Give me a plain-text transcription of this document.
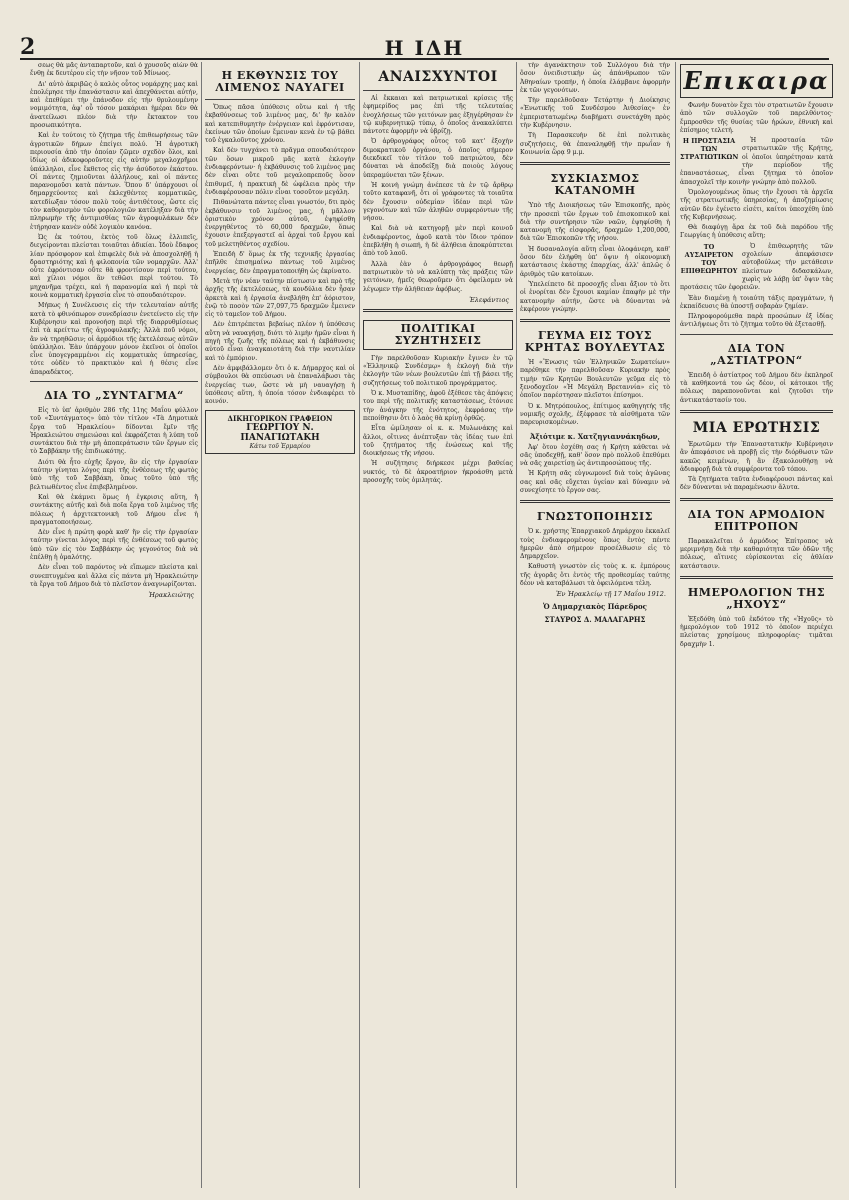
2	Η ΙΔΗ

σεως θὰ μᾶς ἀνταπαρτοῦν, καὶ ὁ χρυσοῦς αἰὼν θὰ ἔνθῃ ἐκ δευτέρου εἰς τὴν νῆσον τοῦ Μίνωος.

Δι' αὐτὸ ἀκριβῶς ὁ καλὸς οὗτος νομάρχης μας καὶ ἐπολέμησε τὴν ἐπανάστασιν καὶ ἀπεχθάνεται αὐτήν, καὶ ἐπεθύμει τὴν ἐπάνοδον εἰς τὴν θρυλουμένην νομιμότητα, ἀφ' οὗ τόσον μακάριαι ἡμέραι δὲν θὰ ἀνατείλωσι πλέον διὰ τὴν ἔκτακτον του προσωπικότητα.

Καὶ ἐν τούτοις τὸ ζήτημα τῆς ἐπιθεωρήσεως τῶν ἀγροτικῶν δήμων ἐπείγει πολύ. Ἡ ἀγροτικὴ περιουσία ἀπὸ τὴν ὁποίαν ζῶμεν σχεδὸν ὅλοι, καὶ ἰδίως οἱ ἀδικοφοροῦντες εἰς αὐτὴν μεγαλοχρῆμοι ὑπάλληλοι, εἶνε ἔκθετος εἰς τὴν ἀσύδοτον ἐκάστου. Οἱ πάντες ζημιοῦνται ἀλλήλους, καὶ οἱ πάντες παρανομοῦσι κατὰ πάντων. Ὅπου δ' ὑπάρχουσι οἱ δημαρχεύοντες καὶ ἐκλεχθέντες κομματικῶς, κατεδίωξαν τόσον πολὺ τοὺς ἀντιθέτους, ὥστε εἰς τὸν καθορισμὸν τῶν φορολογιῶν κατέληξαν διὰ τὴν πληρωμὴν τῆς ἀντιμισθίας τῶν ἀγροφυλάκων δὲν ἐτήρησαν κανὲν οὐδὲ λογικὸν κανόνα.

Ὡς ἐκ τούτου, ἐκτὸς τοῦ ὅλως ἐλλιπεῖς, διεγείρονται πλείσται τοιαῦται ἀδικίαι. Ἰδοὺ ἔδαφος λίαν πρόσφορον καὶ ἐπιφελὲς διὰ νὰ ἀποσχοληθῇ ἡ δραστηριότης καὶ ἡ φιλοπονία τῶν νομαρχῶν. Ἀλλ' οὗτε ἐφρόντισαν οὔτε θὰ φροντίσουν περὶ τούτου, καὶ χίλιοι νόμοι ἂν τεθῶσι περὶ τούτου. Τὸ μηχανῆμα τρέχει, καὶ ἡ παρανομία καὶ ἡ περὶ τὰ κοινὰ κομματικὴ ἐργασία εἶνε τὸ σπουδαιότερον.

Μήπως ἡ Συνέλευσις εἰς τὴν τελευταίαν αὐτῆς κατὰ τὸ φθινόπωρον συνεδρίασιν ἐνετείνετο εἰς τὴν Κυβέρνησιν καὶ προνοήσῃ περὶ τῆς διαρρυθμίσεως ἐπὶ τὰ κρείττω τῆς ἀγροφυλακῆς; Ἀλλὰ ποῦ νόμοι, ἂν νὰ τηρηθῶσιν; οἱ ἀρμόδιοι τῆς ἐκτελέσεως αὐτῶν ὑπάλληλοι. Ἐὰν ὑπάρχουν μόνον ἐκεῖνοι οἱ ὁποῖοι εἶνε ὑπογεγραμμένοι εἰς κομματικὰς ὑπηρεσίας, τότε οὐδὲν τὸ πρακτικὸν καὶ ἡ θέσις εἶνε ἀπαραδέκτος.

ΔΙΑ ΤΟ „ΣΥΝΤΑΓΜΑ“

Εἰς τὸ ὑπ' ἀριθμὸν 286 τῆς 11ης Μαΐου φύλλον τοῦ «Συντάγματος» ὑπὸ τὸν τίτλον «Τὰ Δημοτικὰ ἔργα τοῦ Ἡρακλείου» δίδονται ἔμῖν τῆς Ἡρακλειώτου σημειώσαι καὶ ἐκφράζεται ἡ λύπη τοῦ συντάκτου διὰ τὴν μὴ ἀποπεράτωσιν τῶν ἔργων εἰς τὸ Σαββάκην τῆς ἐπιδιωκότης.

Διότι θὰ ἦτο εὐχῆς ἔργον, ἂν εἰς τὴν ἐργασίαν ταύτην γίνηται λόγος περὶ τῆς ἐνθέσεως τῆς φωτὸς ὑπὸ τῆς τοῦ Σαββάκη, ὅπως τοῦτο ὑπὸ τῆς βελτιωθέντος εἶνε ἐπιβεβλημένον.

Καὶ θὰ ἐκάμνει ὅμως ἡ ἐγκρισις αὕτη, ἢ συντάκτης αὐτῆς καὶ διὰ ποῖα ἔργα τοῦ λιμένος τῆς πόλεως ἡ ἀρχιτεκτονικὴ τοῦ Δήμου εἶνε ἡ πραγματοποιήσεως.

Δὲν εἶνε ἡ πρώτη φορὰ καθ' ἣν εἰς τὴν ἐργασίαν ταύτην γίνεται λόγος περὶ τῆς ἐνθέσεως τοῦ φωτὸς ὑπὸ τῶν εἰς τὸν Σαββάκην ὡς γεγονότος διὰ νὰ ἐπέλθῃ ἡ ὁμαλότης.

Δὲν εἶναι τοῦ παρόντος νὰ εἴπωμεν πλείστα καὶ συνεπτυγμένα καὶ ἄλλα εἰς πάντα μὴ Ἡρακλειώτην τὰ ἔργα τοῦ Δήμου διὰ τὸ πλεῖστον ἀναγνωρίζονται.

Ἡρακλειώτης
Η ΕΚΘΥΝΣΙΣ ΤΟΥ ΛΙΜΕΝΟΣ ΝΑΥΑΓΕΙ

Ὅπως πᾶσα ὑπόθεσις οὕτω καὶ ἡ τῆς ἐκβαθύνσεως τοῦ λιμένος μας, δι' ἣν καλὸν καὶ κατεπιθυμητὴν ἐνέργειαν καὶ ἐφρόντισαν, ἐκείνων τῶν ὁποίων ἔμειναν κενὰ ἐν τῷ βάθει τοῦ ἐγκαλοῦντος χρόνου.

Καὶ δὲν τυγχάνει τὸ πρᾶγμα σπουδαιότερον τῶν ὅσων μικροῦ μᾶς κατὰ ἐκλογὴν ἐνδιαφερόντων· ἡ ἐκβάθυνσις τοῦ λιμένος μας δὲν εἶναι οὔτε τοῦ μεγαλοπρεποῦς ὅσον ἐπιθυμεῖ, ἡ πρακτικὴ δὲ ὠφέλεια πρὸς τὴν ἐνδιαφέρουσαν πόλιν εἶναι τοσοῦτον μεγάλη.

Πιθανώτατα πάντες εἶναι γνωστόν, δτι πρὸς ἐκβάθυνσιν τοῦ λιμένος μας, ἡ μᾶλλον ὁριστικὸν χρόνον αὐτοῦ, ἐψηφίσθη ἐνεργηθέντος τὸ 60,000 δραχμῶν, ὅπως ἐχουσιν ἐπεξεργαστεῖ αἱ ἀρχαὶ τοῦ ἔργου καὶ τοῦ μελετηθέντος σχεδίου.

Ἐπειδὴ δ' ὅμως ἐκ τῆς τεχνικῆς ἐργασίας ἐπῆλθε ἐπισημαίνω πάντως τοῦ λιμένος ἐνεργείας, δὲν ἐπραγματοποιήθη ὡς ἐκρίνατο.

Μετὰ τὴν νέαν ταύτην πίστωσιν καὶ πρὸ τῆς ἀρχῆς τῆς ἐκτελέσεως, τὰ κονδύλια δὲν ἦσαν ἀρκετὰ καὶ ἡ ἐργασία ἀνεβλήθη ἐπ' ἀόριστον, ἐνῷ τὸ ποσὸν τῶν 27,097,75 δραχμῶν ἔμεινεν εἰς τὸ ταμεῖον τοῦ Δήμου.

Δὲν ἐπιτρέπεται βεβαίως πλέον ἡ ὑπόθεσις αὕτη νὰ ναυαγήσῃ, διότι τὸ λιμὴν ἡμῶν εἶναι ἡ πηγὴ τῆς ζωῆς τῆς πόλεως καὶ ἡ ἐκβάθυνσις αὐτοῦ εἶναι ἀναγκαιοτάτη διὰ τὴν ναυτιλίαν καὶ τὸ ἐμπόριον.

Δὲν ἀμφιβάλλομεν ὅτι ὁ κ. Δήμαρχος καὶ οἱ σύμβουλοι θὰ σπεύσωσι νὰ ἐπαναλάβωσι τὰς ἐνεργείας των, ὥστε νὰ μὴ ναυαγήσῃ ἡ ὑπόθεσις αὕτη, ἡ ὁποία τόσον ἐνδιαφέρει τὸ κοινόν.

ΔΙΚΗΓΟΡΙΚΟΝ ΓΡΑΦΕΙΟΝ
ΓΕΩΡΓΙΟΥ Ν. ΠΑΝΑΓΙΩΤΑΚΗ
Κάτω τοῦ Ἑρμαρίου
ΑΝΑΙΣΧΥΝΤΟΙ

Αἱ ἔκκαιαι καὶ πατριωτικαὶ κρίσεις τῆς ἐφημερίδος μας ἐπὶ τῆς τελευταίας ἐνοχλήσεως τῶν γειτόνων μας ἐξηγέρθησαν ἐν τῷ κυβερνητικῷ τύπῳ, ὁ ὁποῖος ἀνακαλύπτει πάντοτε ἀφορμὴν νὰ ὑβρίζῃ.

Ὁ ἀρθρογράφος οὗτος τοῦ κατ' ἐξοχὴν διμοκρατικοῦ ὀργάνου, ὁ ὁποῖος σήμερον διεκδικεῖ τὸν τίτλον τοῦ πατριώτου, δὲν δύναται νὰ ἀποδείξῃ διὰ ποιοὺς λόγους ὑπεραμύνεται τῶν ξένων.

Ἡ κοινὴ γνώμη ἀνέπεσε τὰ ἐν τῷ ἄρθρῳ τοῦτο καταφανῆ, ὅτι οἱ γράφοντες τὰ τοιαῦτα δὲν ἔχουσιν οὐδεμίαν ἰδέαν περὶ τῶν γεγονότων καὶ τῶν ἀληθῶν συμφερόντων τῆς νήσου.

Καὶ διὰ νὰ κατηγορῇ μὲν περὶ κοινοῦ ἐνδιαφέροντος, ἀφοῦ κατὰ τὸν ἴδιον τρόπον ἐπεβλήθη ἡ σιωπή, ἡ δὲ ἀλήθεια ἀποκρύπτεται ἀπὸ τοῦ λαοῦ.

Ἀλλὰ ἐὰν ὁ ἀρθρογράφος θεωρῇ πατριωτικὸν τὸ νὰ καλύπτῃ τὰς πράξεις τῶν γειτόνων, ἡμεῖς θεωροῦμεν ὅτι ὀφείλομεν νὰ λέγωμεν τὴν ἀλήθειαν ἀφόβως.

Ἐλεφάντιος
ΠΟΛΙΤΙΚΑΙ ΣΥΖΗΤΗΣΕΙΣ

Γὴν παρελθοῦσαν Κυριακὴν ἔγινεν ἐν τῷ «Ἑλληνικῷ Συνδέσμῳ» ἡ ἐκλογὴ διὰ τὴν ἐκλογὴν τῶν νέων βουλευτῶν ἐπὶ τῇ βάσει τῆς συζητήσεως τοῦ πολιτικοῦ προγράμματος.

Ὁ κ. Μυσταπίδης, ἀφοῦ ἐξέθεσε τὰς ἀπόψεις του περὶ τῆς πολιτικῆς καταστάσεως, ἐτόνισε τὴν ἀνάγκην τῆς ἑνότητος, ἐκφράσας τὴν πεποίθησιν ὅτι ὁ λαὸς θὰ κρίνῃ ὀρθῶς.

Εἶτα ὡμίλησαν οἱ κ. κ. Μυλωνάκης καὶ ἄλλοι, οἵτινες ἀνέπτυξαν τὰς ἰδέας των ἐπὶ τοῦ ζητήματος τῆς ἐνώσεως καὶ τῆς διοικήσεως τῆς νήσου.

Ἡ συζήτησις διήρκεσε μέχρι βαθείας νυκτός, τὸ δὲ ἀκροατήριον ἠκροάσθη μετὰ προσοχῆς τοὺς ὁμιλητάς.

τὴν ἀγανάκτησιν τοῦ Συλλόγου διὰ τὴν ὅσον ὀνειδιστικὴν ὡς ἀπάνθρωπον τῶν Ἀθηναίων τροπήν, ἡ ὁποία ἐλάμβανε ἀφορμὴν ἐκ τῶν γεγονότων.

Τὴν παρελθοῦσαν Τετάρτην ἡ Διοίκησις «Ἑνωτικῆς τοῦ Συνδέσμου Ἀιθεσίας» ἐν ἐμπεριστατωμένῳ διαβήματι συνετάχθη πρὸς τὴν Κυβέρνησιν.

Τὴ Παρασκευὴν δὲ ἐπὶ πολιτικὰς συζητήσεις, θὰ ἐπαναληφθῇ τὴν πρωΐαν ἡ Κοινωνία ὥρᾳ 9 μ.μ.

ΣΥΣΚΙΑΣΜΟΣ ΚΑΤΑΝΟΜΗ

Ὑπὸ τῆς Διοικήσεως τῶν Ἐπισκοπῆς, πρὸς τὴν προσεπὶ τῶν ἔργων τοῦ ἐπισκοπικοῦ καὶ διὰ τὴν συντήρησιν τῶν ναῶν, ἐψηφίσθη ἡ κατανομὴ τῆς εἰσφορᾶς, δραχμῶν 1,200,000, διὰ τῶν Ἐπισκοπῶν τῆς νήσου.

Ἡ δυσαναλογία αὕτη εἶναι ὁλοφάνερη, καθ' ὅσον δὲν ἐλήφθη ὑπ' ὄψιν ἡ οἰκονομικὴ κατάστασις ἑκάστης ἐπαρχίας, ἀλλ' ἁπλῶς ὁ ἀριθμὸς τῶν κατοίκων.

Ὑπελείπετο δὲ προσοχῆς εἶναι ἄξιον τὸ ὅτι οἱ ἐνορίται δὲν ἔχουσι καμίαν ἐπαφὴν μὲ τὴν κατανομὴν αὐτήν, ὥστε νὰ δύνανται νὰ ἐκφέρουν γνώμην.

ΓΕΥΜΑ ΕΙΣ ΤΟΥΣ ΚΡΗΤΑΣ ΒΟΥΛΕΥΤΑΣ

Ἡ «Ἕνωσις τῶν Ἑλληνικῶν Σωματείων» παρέθηκε τὴν παρελθοῦσαν Κυριακὴν πρὸς τιμὴν τῶν Κρητῶν Βουλευτῶν γεῦμα εἰς τὸ ξενοδοχεῖον «Ἡ Μεγάλη Βρεταννία» εἰς τὸ ὁποῖον παρέστησαν πλεῖστοι ἐπίσημοι.

Ὁ κ. Μητρόπουλος, ἐπίτιμος καθηγητής τῆς νομικῆς σχολῆς, ἐξέφρασε τὰ αἰσθήματα τῶν παρευρισκομένων.

Ἀξιότιμε κ. Χατζηγιαννάκηδων,

Ἀφ' ὅτου ἐσχέθη σας ἡ Κρήτη κάθεται νὰ σᾶς ὑποδεχθῇ, καθ' ὅσον πρὸ πολλοῦ ἐπεθύμει νὰ σᾶς χαιρετίσῃ ὡς ἀντιπροσώπους τῆς.

Ἡ Κρήτη σᾶς εὐγνωμονεῖ διὰ τοὺς ἀγῶνας σας καὶ σᾶς εὔχεται ὑγείαν καὶ δύναμιν νὰ συνεχίσητε τὸ ἔργον σας.

ΓΝΩΣΤΟΠΟΙΗΣΙΣ

Ὁ κ. χρήστης Ἐπαρχιακοῦ Δημάρχου ἐκκαλεῖ τοὺς ἐνδιαφερομένους ὅπως ἐντὸς πέντε ἡμερῶν ἀπὸ σήμερον προσέλθωσιν εἰς τὸ Δημαρχεῖον.

Καθυστὴ γνωστὸν εἰς τοὺς κ. κ. ἐμπόρους τῆς ἀγορᾶς ὅτι ἐντὸς τῆς προθεσμίας ταύτης δέον νὰ καταβάλωσι τὰ ὀφειλόμενα τέλη.

Ἐν Ἡρακλείῳ τῇ 17 Μαΐου 1912.
Ὁ Δημαρχιακὸς Πάρεδρος
ΣΤΑΥΡΟΣ Δ. ΜΑΛΑΓΑΡΗΣ
Επικαιρα

Φωνὴν δυνατὸν ἔχει τὸν στρατιωτῶν ἔχουσιν ἀπὸ τῶν συλλογῶν τοῦ παρελθόντος· ἔμπροσθεν τῆς θυσίας τῶν ἡρώων, ἐθνικὴ καὶ ἐπίσημος τελετή.

Η ΠΡΟΣΤΑΣΙΑ ΤΩΝ ΣΤΡΑΤΙΩΤΙΚΩΝ

Ἡ προστασία τῶν στρατιωτικῶν τῆς Κρήτης, οἱ ὁποῖοι ὑπηρέτησαν κατὰ τὴν περίοδον τῆς ἐπαναστάσεως, εἶναι ζήτημα τὸ ὁποῖον ἀπασχολεῖ τὴν κοινὴν γνώμην ἀπὸ πολλοῦ.

Ὁμολογουμένως ὅπως τὴν ἔχουσι τὰ ἀρχεῖα τῆς στρατιωτικῆς ὑπηρεσίας, ἡ ἀποζημίωσις αὐτῶν δὲν ἐγένετο εἰσέτι, καίτοι ὑπεσχέθη ὑπὸ τῆς Κυβερνήσεως.

Θὰ διαφύγῃ ἄρα ἐκ τοῦ διὰ παρόδου τῆς Γεωργίας ἡ ὑπόθεσις αὕτη;

ΤΟ ΑΥΣΑΙΡΕΤΟΝ ΤΟΥ ΕΠΙΘΕΩΡΗΤΟΥ

Ὁ ἐπιθεωρητὴς τῶν σχολείων ἀπεφάσισεν αὐτοβούλως τὴν μετάθεσιν πλείστων διδασκάλων, χωρὶς νὰ λάβῃ ὑπ' ὄψιν τὰς προτάσεις τῶν ἐφορειῶν.

Ἐὰν διαμένῃ ἡ τοιαύτη τάξις πραγμάτων, ἡ ἐκπαίδευσις θὰ ὑποστῇ σοβαρὰν ζημίαν.

Πληροφορούμεθα παρὰ προσώπων ἐξ ἰδίας ἀντιλήψεως ὅτι τὸ ζήτημα τοῦτο θὰ ἐξετασθῇ.

ΔΙΑ ΤΟΝ „ΑΣΤΙΑΤΡΟΝ“

Ἐπειδὴ ὁ ἀστίατρος τοῦ Δήμου δὲν ἐκπληροῖ τὰ καθήκοντά του ὡς δέον, οἱ κάτοικοι τῆς πόλεως παραπονοῦνται καὶ ζητοῦσι τὴν ἀντικατάστασίν του.

ΜΙΑ ΕΡΩΤΗΣΙΣ

Ἐρωτῶμεν τὴν Ἐπαναστατικὴν Κυβέρνησιν ἂν ἀπεφάσισε νὰ προβῇ εἰς τὴν διόρθωσιν τῶν κακῶς κειμένων, ἢ ἂν ἐξακολουθήσῃ νὰ ἀδιαφορῇ διὰ τὰ συμφέροντα τοῦ τόπου.

Τὰ ζητήματα ταῦτα ἐνδιαφέρουσι πάντας καὶ δὲν δύνανται νὰ παραμένωσιν ἄλυτα.

ΔΙΑ ΤΟΝ ΑΡΜΟΔΙΟΝ ΕΠΙΤΡΟΠΟΝ

Παρακαλεῖται ὁ ἁρμόδιος Ἐπίτροπος νὰ μεριμνήσῃ διὰ τὴν καθαριότητα τῶν ὁδῶν τῆς πόλεως, αἵτινες εὑρίσκονται εἰς ἀθλίαν κατάστασιν.

ΗΜΕΡΟΛΟΓΙΟΝ ΤΗΣ „ΗΧΟΥΣ“

Ἐξεδόθη ὑπὸ τοῦ ἐκδότου τῆς «Ἠχοῦς» τὸ ἡμερολόγιον τοῦ 1912 τὸ ὁποῖον περιέχει πλείστας χρησίμους πληροφορίας· τιμᾶται δραχμὴν 1.
